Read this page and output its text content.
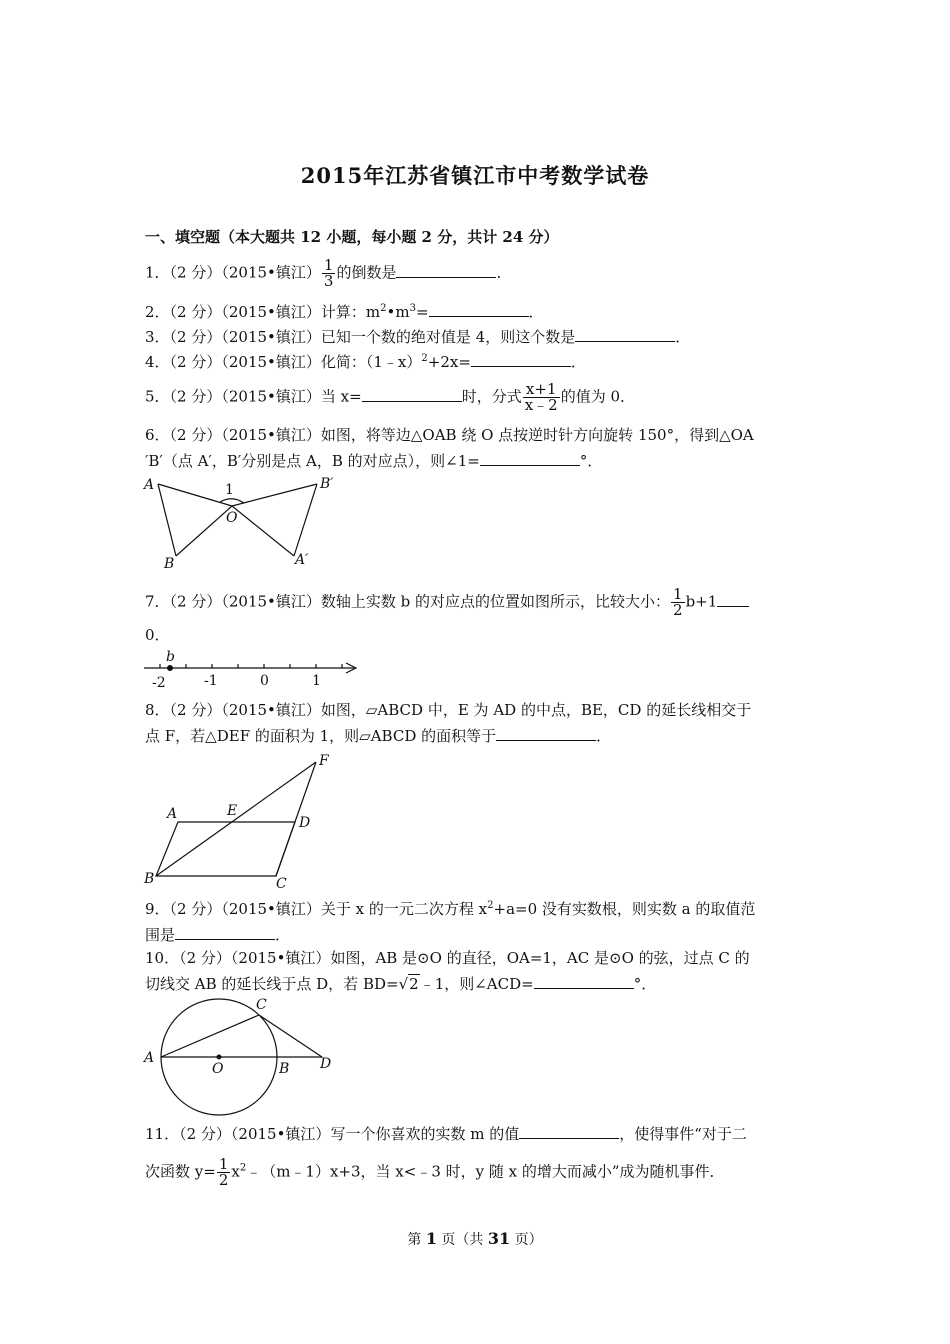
2015年江苏省镇江市中考数学试卷
一、填空题（本大题共 12 小题，每小题 2 分，共计 24 分）
1．（2 分）（2015•镇江） $\frac{1}{3}$ 的倒数是	．
2．（2 分）（2015•镇江）计算：$m^2•m^3=$	．
3．（2 分）（2015•镇江）已知一个数的绝对值是 4，则这个数是	．
4．（2 分）（2015•镇江）化简：（1﹣x）$^2$+2x=	．
5．（2 分）（2015•镇江）当 x=	时，分式 $\frac{x+1}{x﹣2}$ 的值为 0．
6．（2 分）（2015•镇江）如图，将等边△OAB 绕 O 点按逆时针方向旋转 150°，得到△OA
′B′（点 A′，B′分别是点 A，B 的对应点），则∠1=	°．
A
B
O
1	B′
A′
7．（2 分）（2015•镇江）数轴上实数 b 的对应点的位置如图所示，比较大小： $\frac{1}{2} b+1$
0．
b
-2	-1	0	1
8．（2 分）（2015•镇江）如图，▱ABCD 中，E 为 AD 的中点，BE，CD 的延长线相交于
点 F，若△DEF 的面积为 1，则▱ABCD 的面积等于	．
A
B	C
D
E
F
9．（2 分）（2015•镇江）关于 x 的一元二次方程 $x^2+a=0$ 没有实数根，则实数 a 的取值范
围是	．
10．（2 分）（2015•镇江）如图，AB 是⊙O 的直径，OA=1，AC 是⊙O 的弦，过点 C 的
切线交 AB 的延长线于点 D，若 BD=√2﹣1，则∠ACD=	°．
A
O	B
C
D
11．（2 分）（2015•镇江）写一个你喜欢的实数 m 的值	，使得事件“对于二
次函数 $y= \frac{1}{2}$ $x^2﹣(m﹣1)x+3$，当 x<﹣3 时，y 随 x 的增大而减小”成为随机事件．
第 1 页（共 31 页）
